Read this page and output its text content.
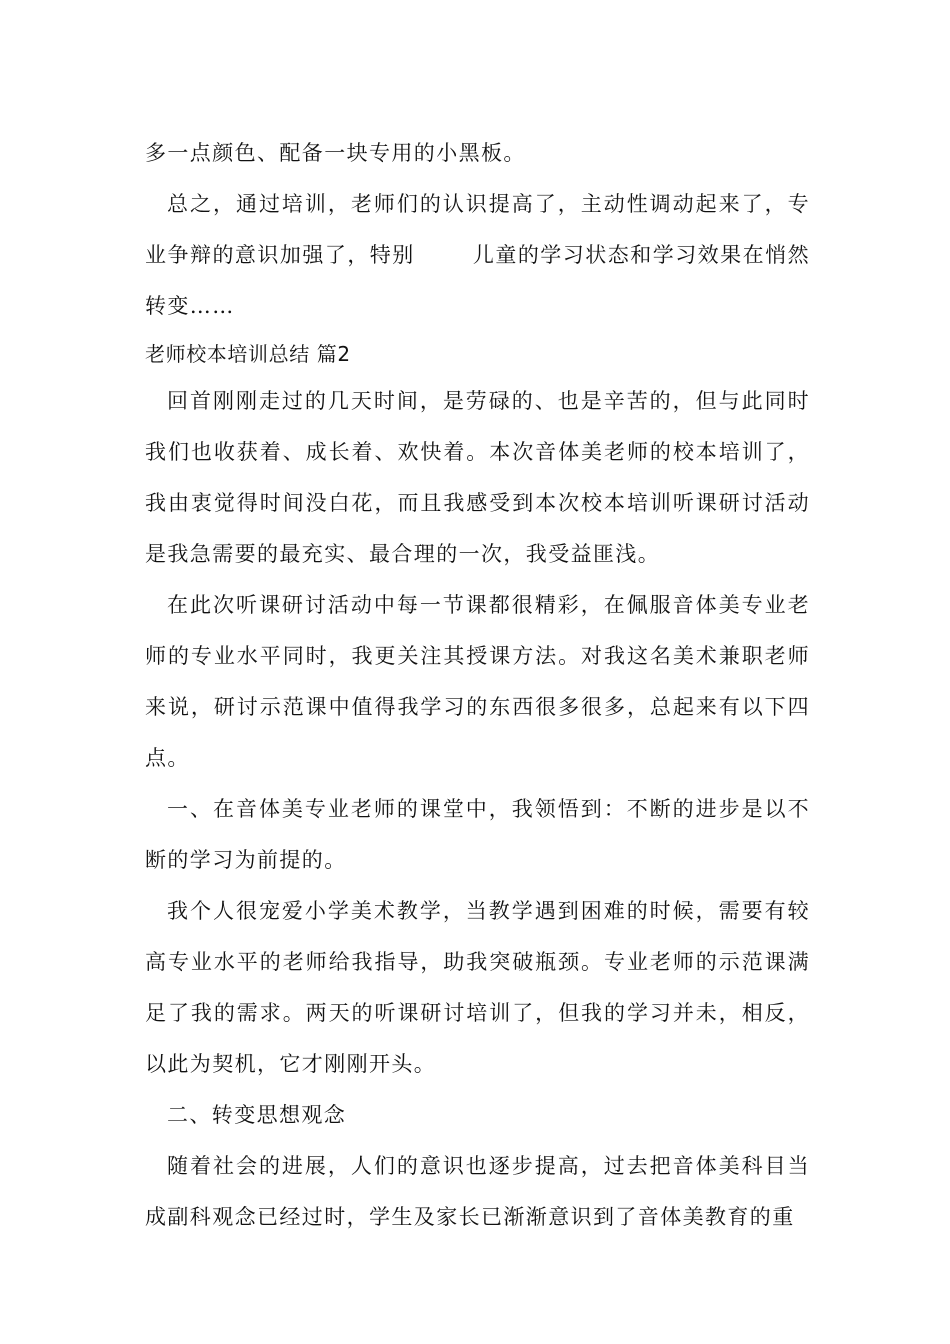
多一点颜色、配备一块专用的小黑板。

总之，通过培训，老师们的认识提高了，主动性调动起来了，专业争辩的意识加强了，特别	儿童的学习状态和学习效果在悄然转变……

老师校本培训总结 篇2

回首刚刚走过的几天时间，是劳碌的、也是辛苦的，但与此同时我们也收获着、成长着、欢快着。本次音体美老师的校本培训了，我由衷觉得时间没白花，而且我感受到本次校本培训听课研讨活动是我急需要的最充实、最合理的一次，我受益匪浅。

在此次听课研讨活动中每一节课都很精彩，在佩服音体美专业老师的专业水平同时，我更关注其授课方法。对我这名美术兼职老师来说，研讨示范课中值得我学习的东西很多很多，总起来有以下四点。

一、在音体美专业老师的课堂中，我领悟到：不断的进步是以不断的学习为前提的。

我个人很宠爱小学美术教学，当教学遇到困难的时候，需要有较高专业水平的老师给我指导，助我突破瓶颈。专业老师的示范课满足了我的需求。两天的听课研讨培训了，但我的学习并未，相反，以此为契机，它才刚刚开头。

二、转变思想观念

随着社会的进展，人们的意识也逐步提高，过去把音体美科目当成副科观念已经过时，学生及家长已渐渐意识到了音体美教育的重
